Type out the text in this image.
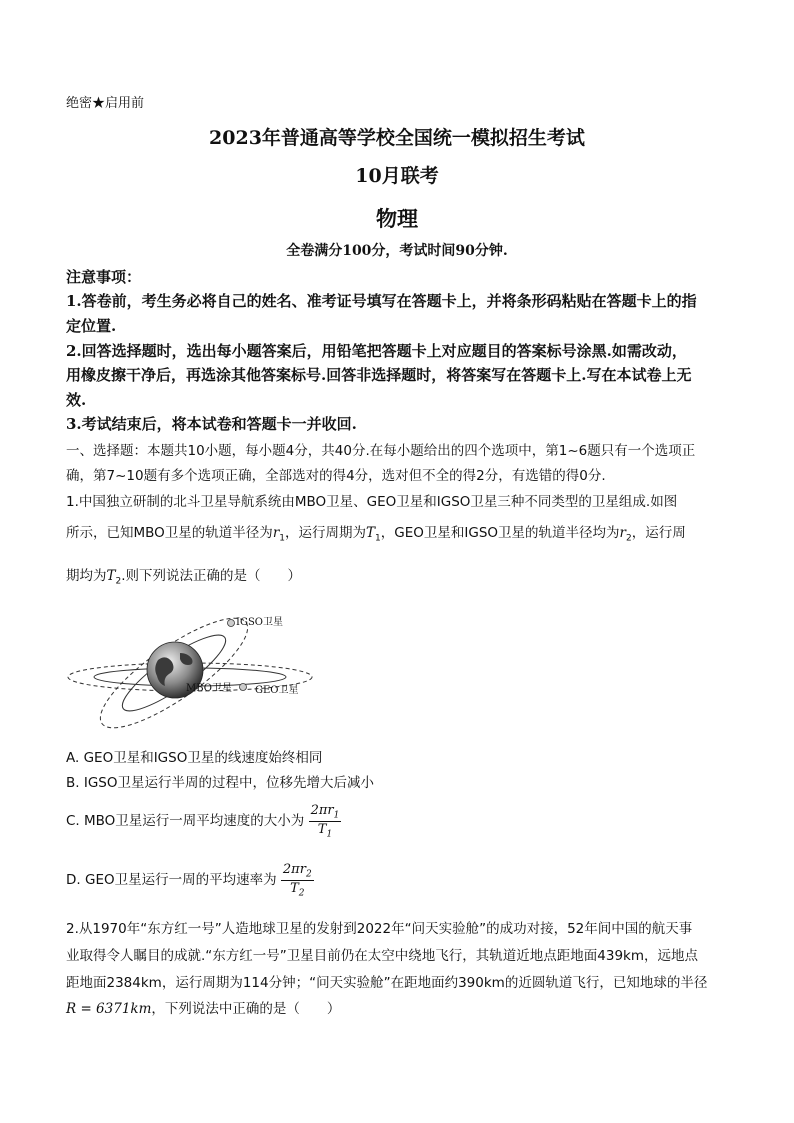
绝密★启用前
2023年普通高等学校全国统一模拟招生考试
10月联考
物理
全卷满分100分，考试时间90分钟.
注意事项：
1.答卷前，考生务必将自己的姓名、准考证号填写在答题卡上，并将条形码粘贴在答题卡上的指
定位置.
2.回答选择题时，选出每小题答案后，用铅笔把答题卡上对应题目的答案标号涂黑.如需改动，
用橡皮擦干净后，再选涂其他答案标号.回答非选择题时，将答案写在答题卡上.写在本试卷上无
效.
3.考试结束后，将本试卷和答题卡一并收回.
一、选择题：本题共10小题，每小题4分，共40分.在每小题给出的四个选项中，第1~6题只有一个选项正
确，第7~10题有多个选项正确，全部选对的得4分，选对但不全的得2分，有选错的得0分.
1.中国独立研制的北斗卫星导航系统由MBO卫星、GEO卫星和IGSO卫星三种不同类型的卫星组成.如图
所示，已知MBO卫星的轨道半径为$r_1$，运行周期为$T_1$，GEO卫星和IGSO卫星的轨道半径均为$r_2$，运行周
期均为$T_2$.则下列说法正确的是（　　）
IGSO卫星
MBO卫星 GEO卫星
A. GEO卫星和IGSO卫星的线速度始终相同
B. IGSO卫星运行半周的过程中，位移先增大后减小
C. MBO卫星运行一周平均速度的大小为 $\frac{2\pi r_1}{T_1}$
D. GEO卫星运行一周的平均速率为 $\frac{2\pi r_2}{T_2}$
2.从1970年“东方红一号”人造地球卫星的发射到2022年“问天实验舱”的成功对接，52年间中国的航天事
业取得令人瞩目的成就.“东方红一号”卫星目前仍在太空中绕地飞行，其轨道近地点距地面439km，远地点
距地面2384km，运行周期为114分钟；“问天实验舱”在距地面约390km的近圆轨道飞行，已知地球的半径
R = 6371km，下列说法中正确的是（　　）
